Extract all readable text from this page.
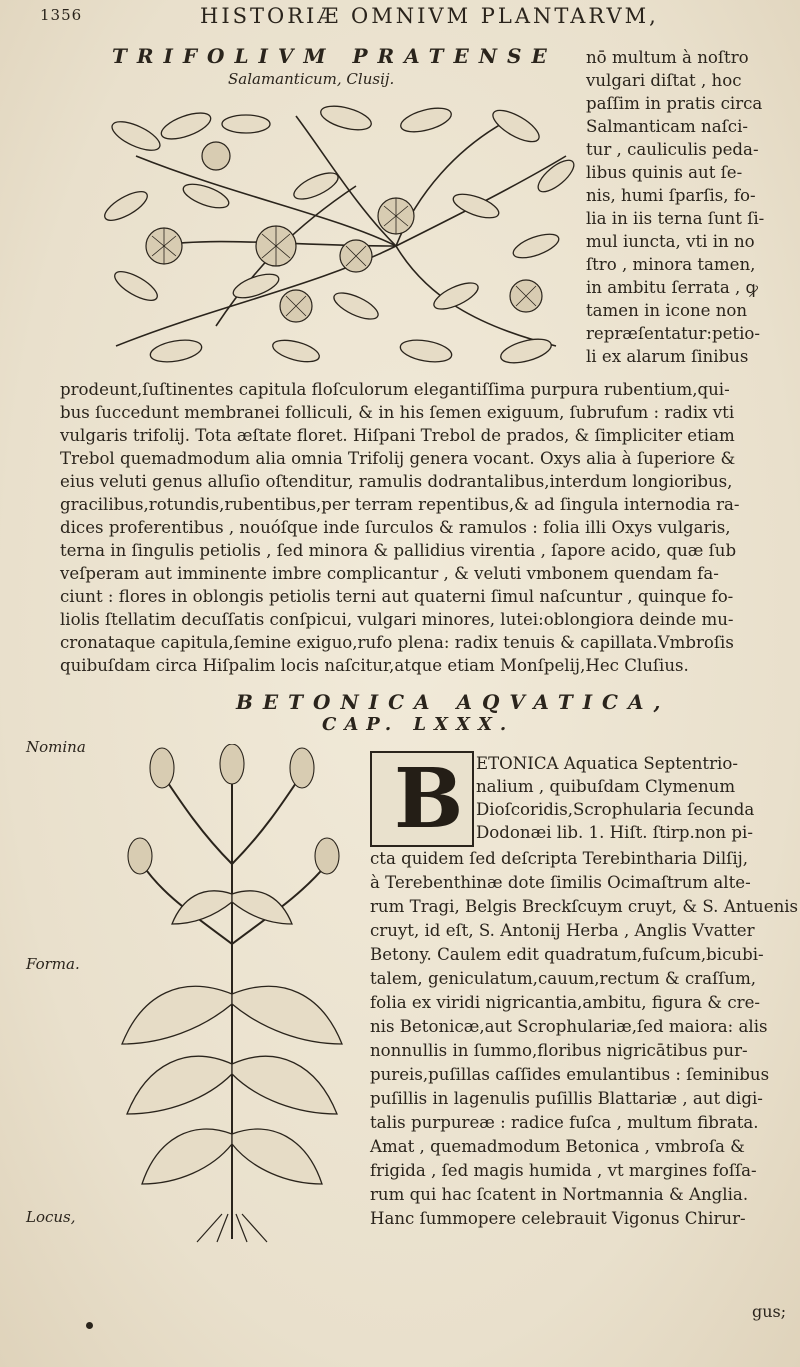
1356	HISTORIÆ OMNIVM PLANTARVM,
TRIFOLIVM PRATENSE
Salamanticum, Clusij.
nō multum à noſtro
vulgari diſtat , hoc
paſſim in pratis circa
Salmanticam naſci-
tur , cauliculis peda-
libus quinis aut ſe-
nis, humi ſparſis, fo-
lia in iis terna ſunt ſi-
mul iuncta, vti in no
ſtro , minora tamen,
in ambitu ſerrata , ꝙ
tamen in icone non
repræſentatur:petio-
li ex alarum ſinibus
prodeunt,ſuſtinentes capitula floſculorum elegantiſſima purpura rubentium,qui-
bus ſuccedunt membranei folliculi, & in his ſemen exiguum, ſubrufum : radix vti
vulgaris trifolij. Tota æſtate floret. Hiſpani Trebol de prados, & ſimpliciter etiam
Trebol quemadmodum alia omnia Trifolij genera vocant. Oxys alia à ſuperiore &
eius veluti genus alluſio oſtenditur, ramulis dodrantalibus,interdum longioribus,
gracilibus,rotundis,rubentibus,per terram repentibus,& ad ſingula internodia ra-
dices proferentibus , nouóſque inde ſurculos & ramulos : folia illi Oxys vulgaris,
terna in ſingulis petiolis , ſed minora & pallidius virentia , ſapore acido, quæ ſub
veſperam aut imminente imbre complicantur , & veluti vmbonem quendam fa-
ciunt : flores in oblongis petiolis terni aut quaterni ſimul naſcuntur , quinque fo-
liolis ſtellatim decuſſatis conſpicui, vulgari minores, lutei:oblongiora deinde mu-
cronataque capitula,ſemine exiguo,rufo plena: radix tenuis & capillata.Vmbroſis
quibuſdam circa Hiſpalim locis naſcitur,atque etiam Monſpelij,Hec Cluſius.
BETONICA AQVATICA,
CAP. LXXX.
Nomina
Forma.
Locus,
B ETONICA Aquatica Septentrio-
nalium , quibuſdam Clymenum
Dioſcoridis,Scrophularia ſecunda
Dodonæi lib. 1. Hiſt. ſtirp.non pi-
cta quidem ſed deſcripta Terebintharia Dilſij,
à Terebenthinæ dote ſimilis Ocimaſtrum alte-
rum Tragi, Belgis Breckſcuym cruyt, & S. Antuenis
cruyt, id eſt, S. Antonij Herba , Anglis Vvatter
Betony. Caulem edit quadratum,fuſcum,bicubi-
talem, geniculatum,cauum,rectum & craſſum,
folia ex viridi nigricantia,ambitu, figura & cre-
nis Betonicæ,aut Scrophulariæ,ſed maiora: alis
nonnullis in ſummo,floribus nigricātibus pur-
pureis,puſillas caſſides emulantibus : ſeminibus
puſillis in lagenulis puſillis Blattariæ , aut digi-
talis purpureæ : radice fuſca , multum fibrata.
Amat , quemadmodum Betonica , vmbroſa &
frigida , ſed magis humida , vt margines foſſa-
rum qui hac ſcatent in Nortmannia & Anglia.
Hanc ſummopere celebrauit Vigonus Chirur-
gus;
